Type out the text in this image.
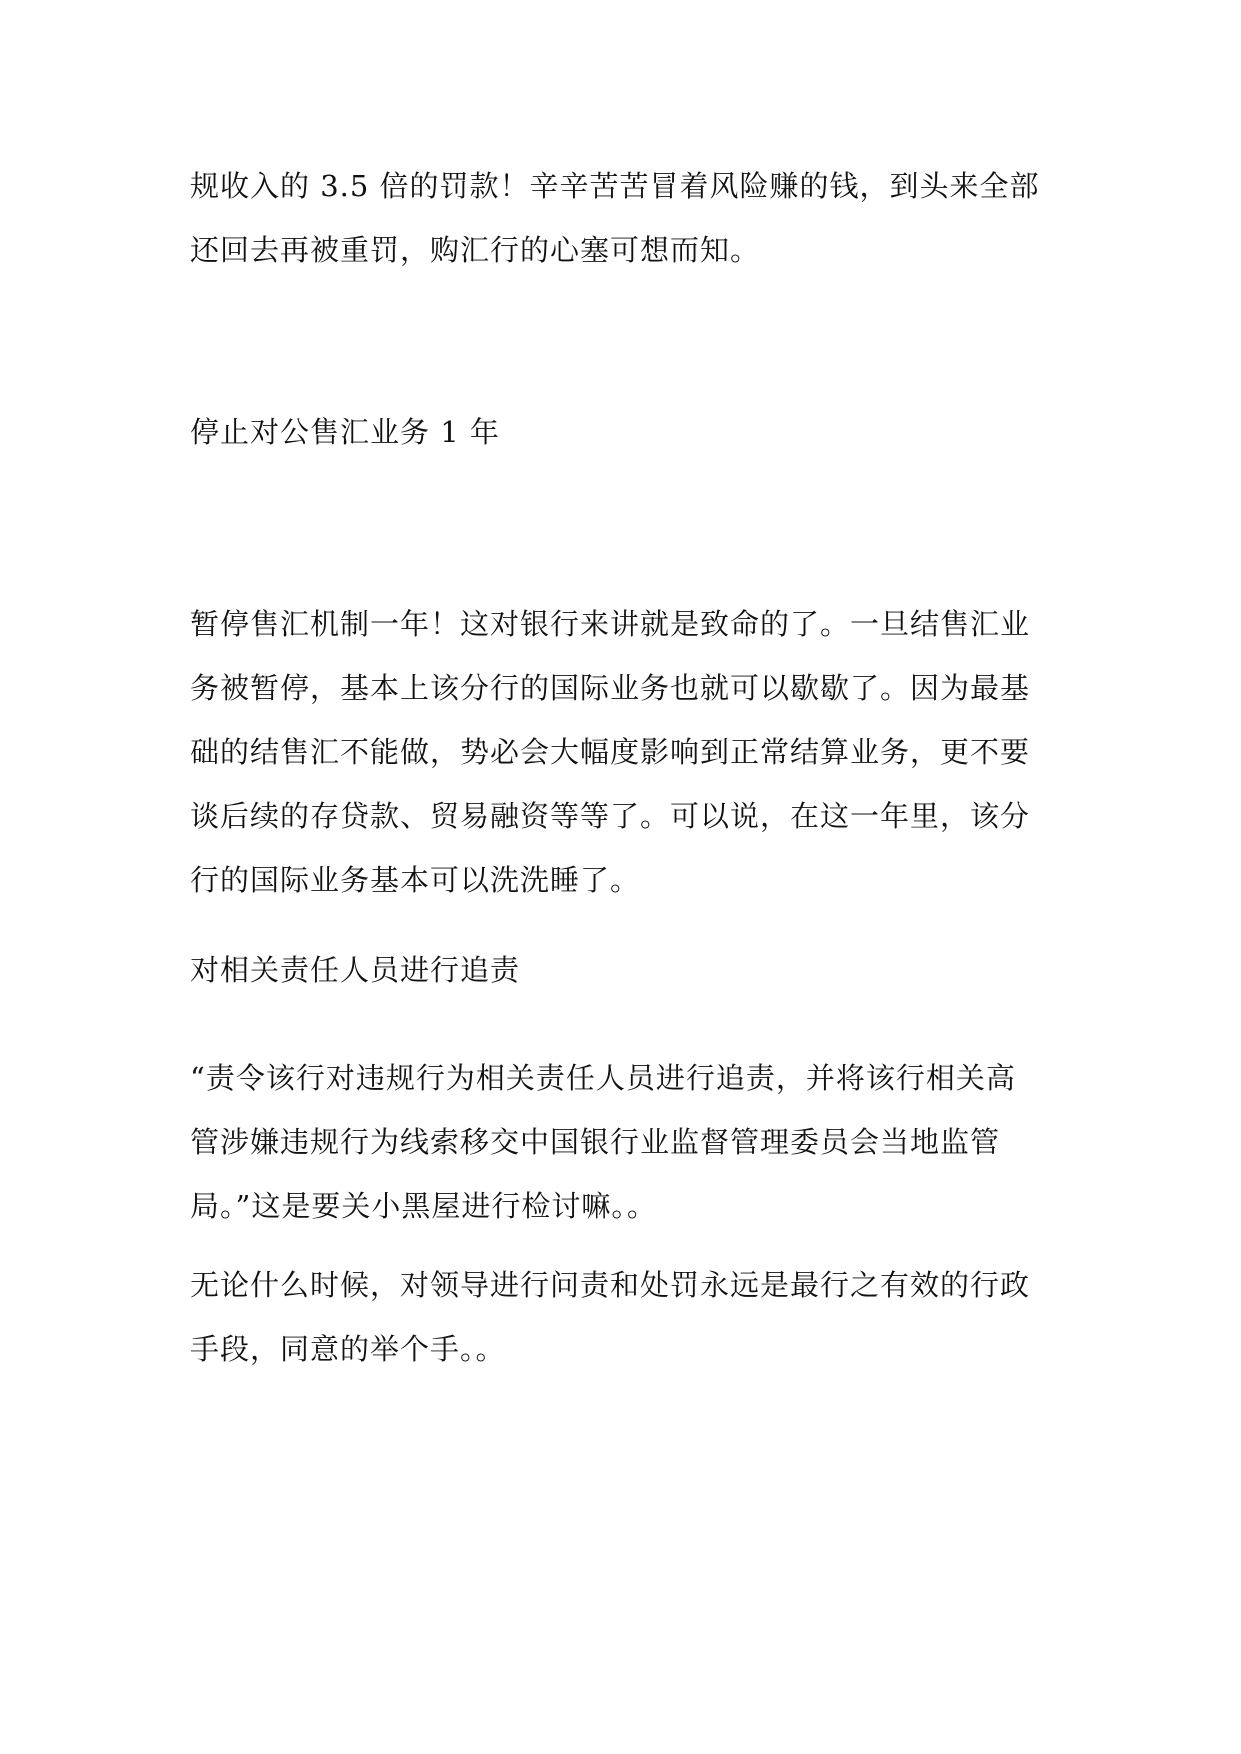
规收入的 3.5 倍的罚款！辛辛苦苦冒着风险赚的钱，到头来全部
还回去再被重罚，购汇行的心塞可想而知。
停止对公售汇业务 1 年
暂停售汇机制一年！这对银行来讲就是致命的了。一旦结售汇业
务被暂停，基本上该分行的国际业务也就可以歇歇了。因为最基
础的结售汇不能做，势必会大幅度影响到正常结算业务，更不要
谈后续的存贷款、贸易融资等等了。可以说，在这一年里，该分
行的国际业务基本可以洗洗睡了。
对相关责任人员进行追责
“责令该行对违规行为相关责任人员进行追责，并将该行相关高
管涉嫌违规行为线索移交中国银行业监督管理委员会当地监管
局。”这是要关小黑屋进行检讨嘛。。
无论什么时候，对领导进行问责和处罚永远是最行之有效的行政
手段，同意的举个手。。
